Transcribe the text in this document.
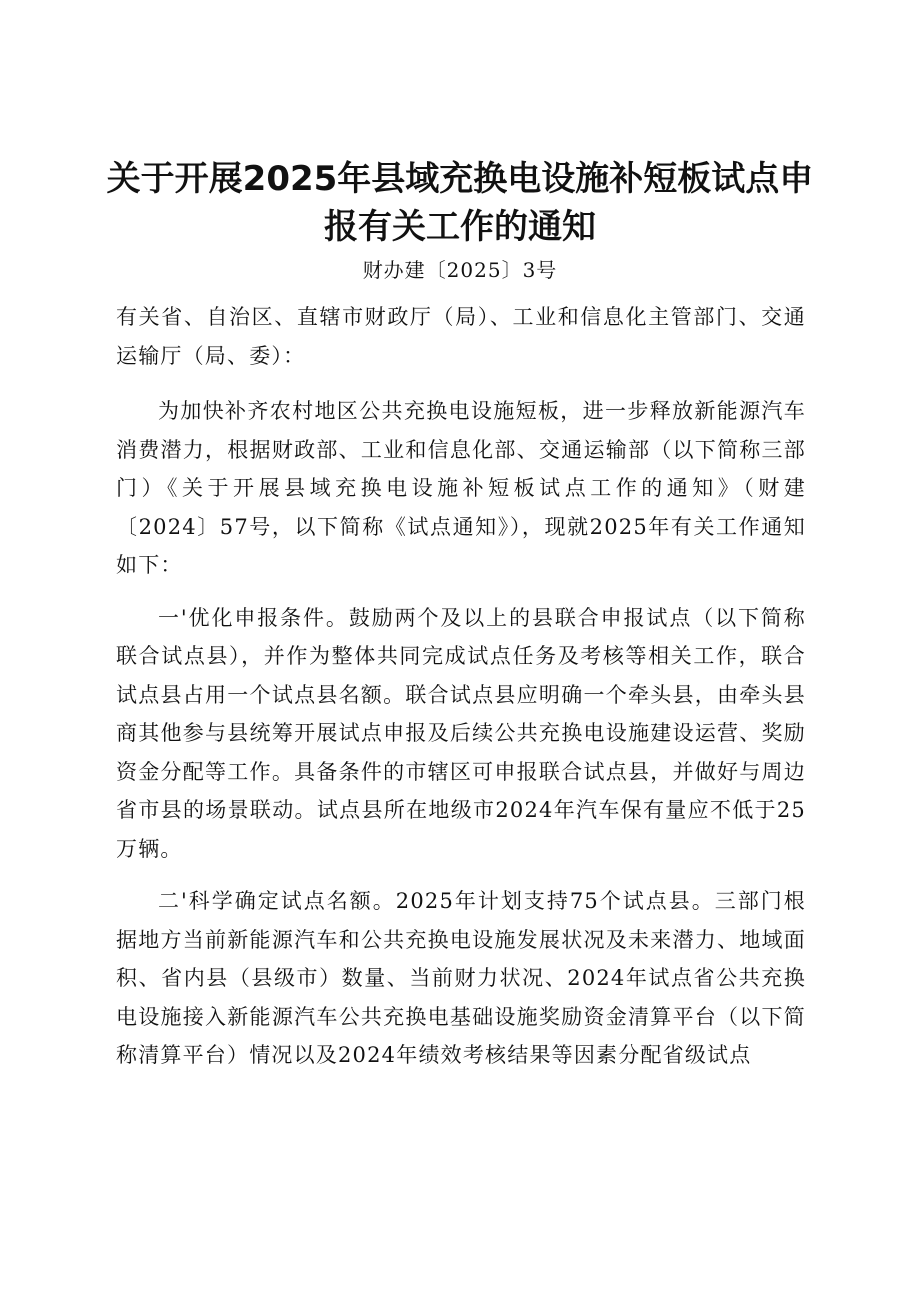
关于开展2025年县域充换电设施补短板试点申报有关工作的通知
财办建〔2025〕3号

有关省、自治区、直辖市财政厅（局）、工业和信息化主管部门、交通运输厅（局、委）：

为加快补齐农村地区公共充换电设施短板，进一步释放新能源汽车消费潜力，根据财政部、工业和信息化部、交通运输部（以下简称三部门）《关于开展县域充换电设施补短板试点工作的通知》（财建〔2024〕57号，以下简称《试点通知》），现就2025年有关工作通知如下：

一'优化申报条件。鼓励两个及以上的县联合申报试点（以下简称联合试点县），并作为整体共同完成试点任务及考核等相关工作，联合试点县占用一个试点县名额。联合试点县应明确一个牵头县，由牵头县商其他参与县统筹开展试点申报及后续公共充换电设施建设运营、奖励资金分配等工作。具备条件的市辖区可申报联合试点县，并做好与周边省市县的场景联动。试点县所在地级市2024年汽车保有量应不低于25万辆。

二'科学确定试点名额。2025年计划支持75个试点县。三部门根据地方当前新能源汽车和公共充换电设施发展状况及未来潜力、地域面积、省内县（县级市）数量、当前财力状况、2024年试点省公共充换电设施接入新能源汽车公共充换电基础设施奖励资金清算平台（以下简称清算平台）情况以及2024年绩效考核结果等因素分配省级试点
